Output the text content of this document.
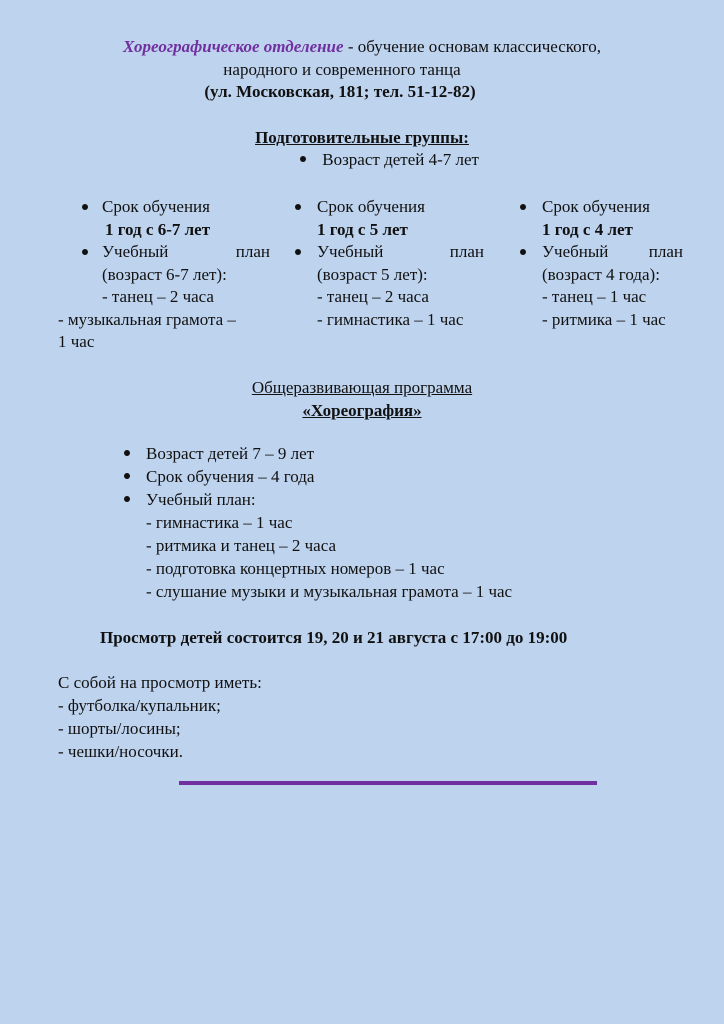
Хореографическое отделение - обучение основам классического,
народного и современного танца
(ул. Московская, 181; тел. 51-12-82)
Подготовительные группы:
Возраст детей 4-7 лет
Срок обучения
1 год с 6-7 лет
Учебный	план
(возраст 6-7 лет):
- танец – 2 часа
- музыкальная грамота –
1 час
Срок обучения
1 год с 5 лет
Учебный	план
(возраст 5 лет):
- танец – 2 часа
- гимнастика – 1 час
Срок обучения
1 год с 4 лет
Учебный план
(возраст 4 года):
- танец – 1 час
- ритмика – 1 час
Общеразвивающая программа
«Хореография»
Возраст детей 7 – 9 лет
Срок обучения – 4 года
Учебный план:
- гимнастика – 1 час
- ритмика и танец – 2 часа
- подготовка концертных номеров – 1 час
- слушание музыки и музыкальная грамота – 1 час
Просмотр детей состоится 19, 20 и 21 августа с 17:00 до 19:00
С собой на просмотр иметь:
- футболка/купальник;
- шорты/лосины;
- чешки/носочки.
